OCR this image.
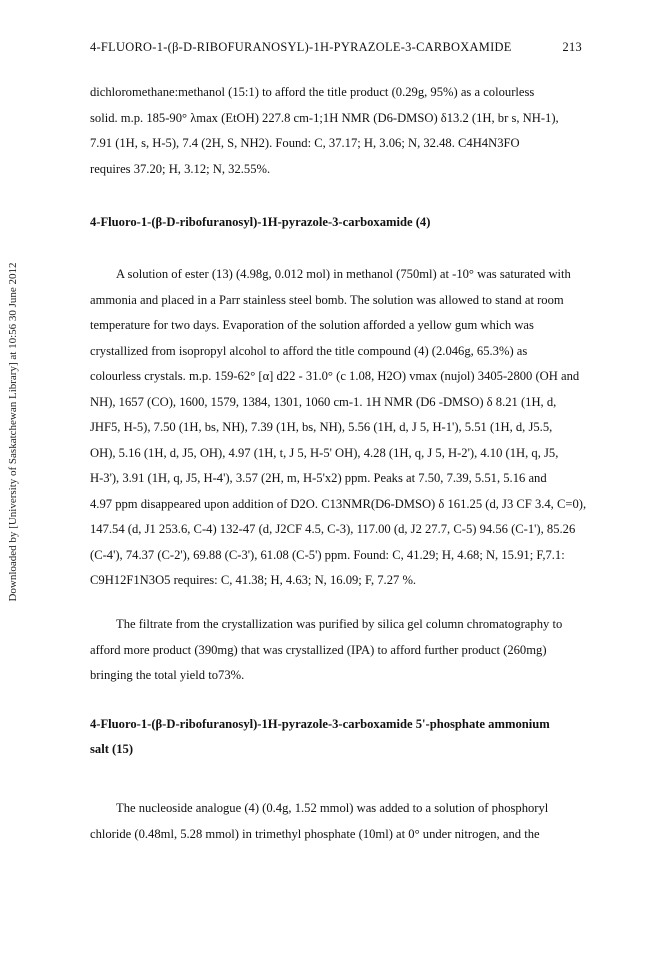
4-FLUORO-1-(β-D-RIBOFURANOSYL)-1H-PYRAZOLE-3-CARBOXAMIDE	213
Downloaded by [University of Saskatchewan Library] at 10:56 30 June 2012
dichloromethane:methanol (15:1) to afford the title product (0.29g, 95%) as a colourless
solid. m.p. 185-90° λmax (EtOH) 227.8 cm-1;1H NMR (D6-DMSO) δ13.2 (1H, br s, NH-1),
7.91 (1H, s, H-5), 7.4 (2H, S, NH2). Found: C, 37.17; H, 3.06; N, 32.48. C4H4N3FO
requires 37.20; H, 3.12; N, 32.55%.
4-Fluoro-1-(β-D-ribofuranosyl)-1H-pyrazole-3-carboxamide (4)
A solution of ester (13) (4.98g, 0.012 mol) in methanol (750ml) at -10° was saturated with
ammonia and placed in a Parr stainless steel bomb. The solution was allowed to stand at room
temperature for two days. Evaporation of the solution afforded a yellow gum which was
crystallized from isopropyl alcohol to afford the title compound (4) (2.046g, 65.3%) as
colourless crystals. m.p. 159-62° [α] d22 - 31.0° (c 1.08, H2O) vmax (nujol) 3405-2800 (OH and
NH), 1657 (CO), 1600, 1579, 1384, 1301, 1060 cm-1. 1H NMR (D6 -DMSO) δ 8.21 (1H, d,
JHF5, H-5), 7.50 (1H, bs, NH), 7.39 (1H, bs, NH), 5.56 (1H, d, J 5, H-1'), 5.51 (1H, d, J5.5,
OH), 5.16 (1H, d, J5, OH), 4.97 (1H, t, J 5, H-5' OH), 4.28 (1H, q, J 5, H-2'), 4.10 (1H, q, J5,
H-3'), 3.91 (1H, q, J5, H-4'), 3.57 (2H, m, H-5'x2) ppm. Peaks at 7.50, 7.39, 5.51, 5.16 and
4.97 ppm disappeared upon addition of D2O. C13NMR(D6-DMSO) δ 161.25 (d, J3 CF 3.4, C=0),
147.54 (d, J1 253.6, C-4) 132-47 (d, J2CF 4.5, C-3), 117.00 (d, J2 27.7, C-5) 94.56 (C-1'), 85.26
(C-4'), 74.37 (C-2'), 69.88 (C-3'), 61.08 (C-5') ppm. Found: C, 41.29; H, 4.68; N, 15.91; F,7.1:
C9H12F1N3O5 requires: C, 41.38; H, 4.63; N, 16.09; F, 7.27 %.
The filtrate from the crystallization was purified by silica gel column chromatography to
afford more product (390mg) that was crystallized (IPA) to afford further product (260mg)
bringing the total yield to73%.
4-Fluoro-1-(β-D-ribofuranosyl)-1H-pyrazole-3-carboxamide 5'-phosphate ammonium
salt (15)
The nucleoside analogue (4) (0.4g, 1.52 mmol) was added to a solution of phosphoryl
chloride (0.48ml, 5.28 mmol) in trimethyl phosphate (10ml) at 0° under nitrogen, and the
